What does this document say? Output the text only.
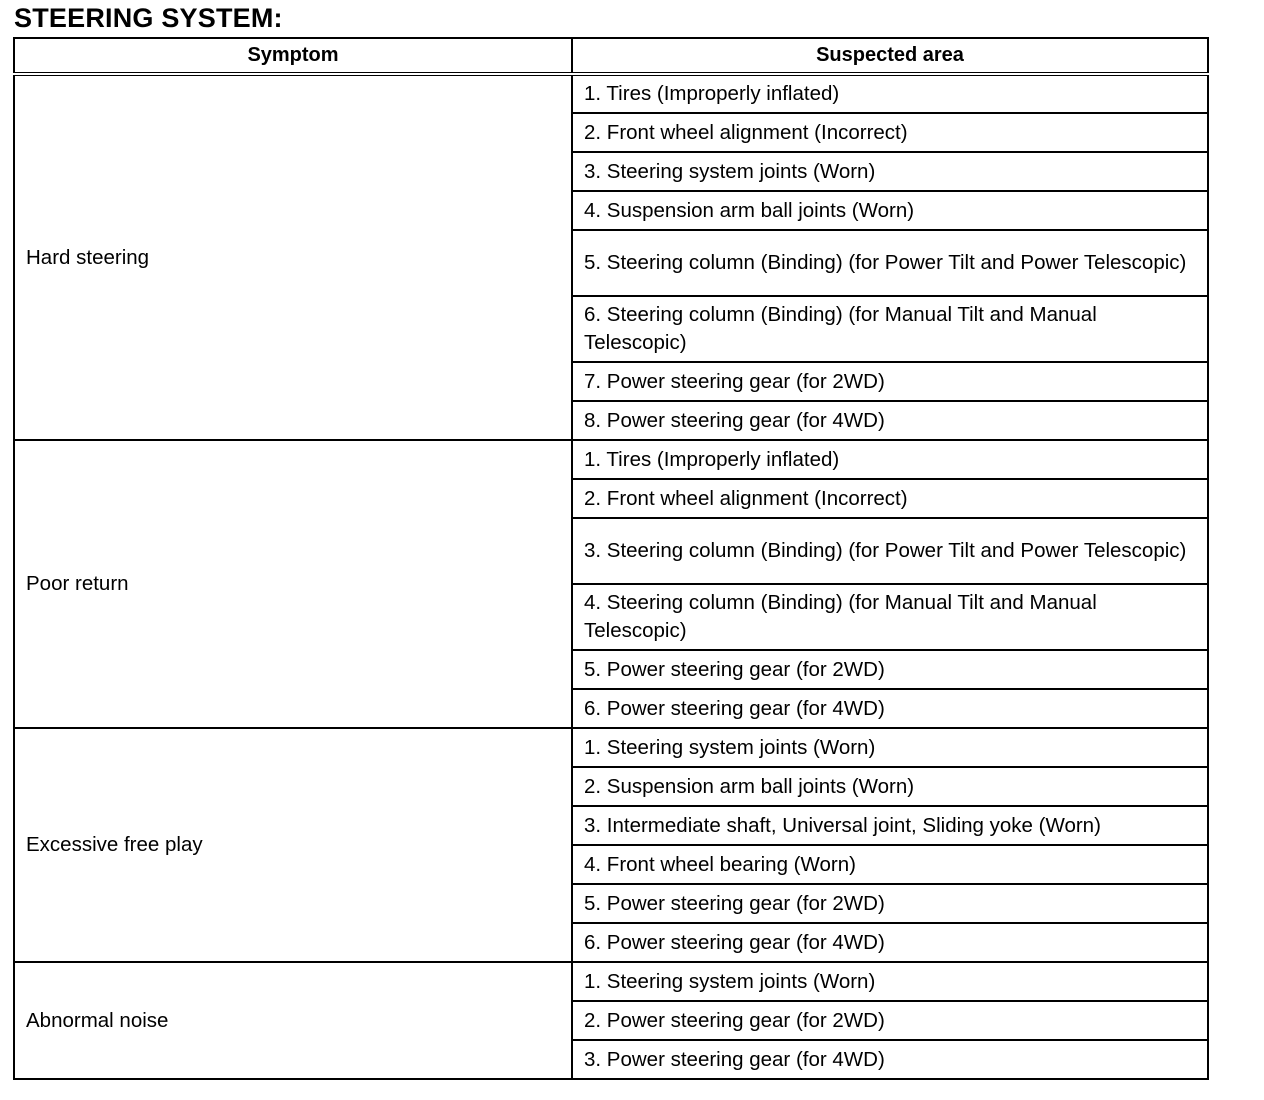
STEERING SYSTEM:
Symptom	Suspected area
Hard steering	1. Tires (Improperly inflated)
	2. Front wheel alignment (Incorrect)
	3. Steering system joints (Worn)
	4. Suspension arm ball joints (Worn)
	5. Steering column (Binding) (for Power Tilt and Power Telescopic)
	6. Steering column (Binding) (for Manual Tilt and Manual Telescopic)
	7. Power steering gear (for 2WD)
	8. Power steering gear (for 4WD)
Poor return	1. Tires (Improperly inflated)
	2. Front wheel alignment (Incorrect)
	3. Steering column (Binding) (for Power Tilt and Power Telescopic)
	4. Steering column (Binding) (for Manual Tilt and Manual Telescopic)
	5. Power steering gear (for 2WD)
	6. Power steering gear (for 4WD)
Excessive free play	1. Steering system joints (Worn)
	2. Suspension arm ball joints (Worn)
	3. Intermediate shaft, Universal joint, Sliding yoke (Worn)
	4. Front wheel bearing (Worn)
	5. Power steering gear (for 2WD)
	6. Power steering gear (for 4WD)
Abnormal noise	1. Steering system joints (Worn)
	2. Power steering gear (for 2WD)
	3. Power steering gear (for 4WD)
